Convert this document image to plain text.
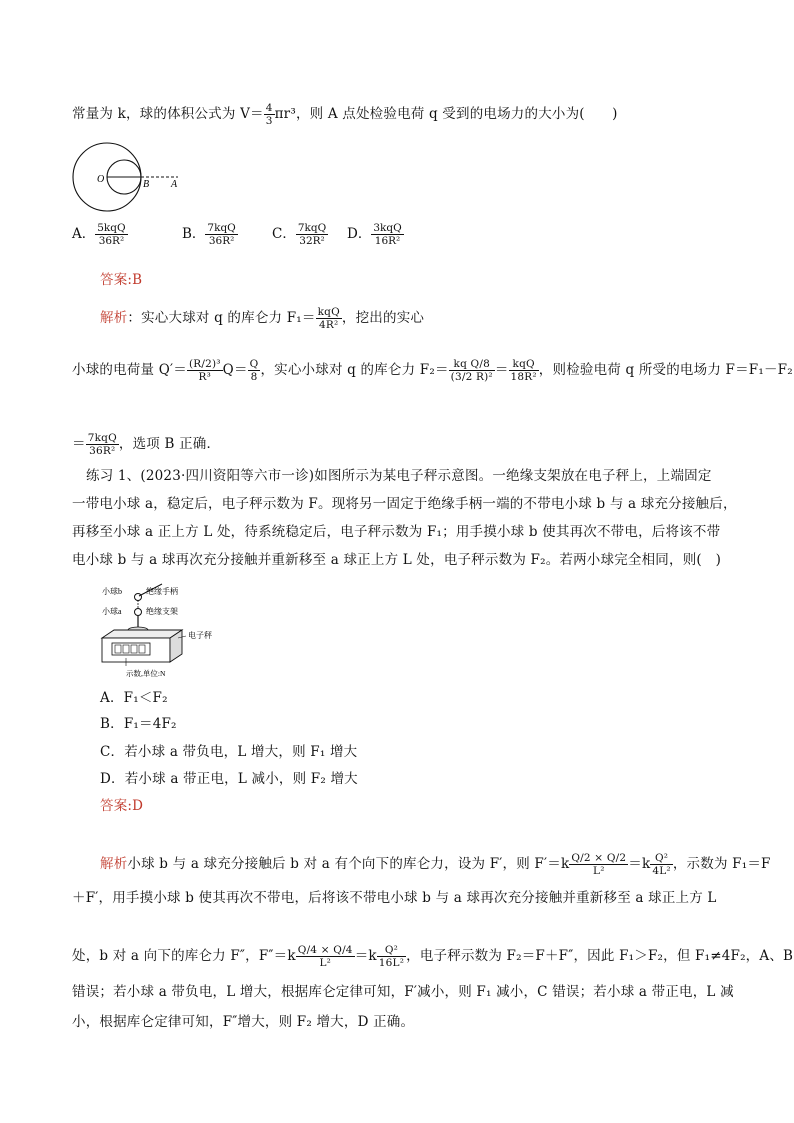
常量为 k，球的体积公式为 $V= \frac{4}{3} \pi r^3$，则 A 点处检验电荷 q 受到的电场力的大小为(　　)
O	B A
A． $\frac{\text{5kqQ}}{\text{36R²}}$	B． $\frac{\text{7kqQ}}{\text{36R²}}$	C． $\frac{\text{7kqQ}}{\text{32R²}}$ D． $\frac{\text{3kqQ}}{\text{16R²}}$
答案:B
解析：实心大球对 q 的库仑力 $F_1= \frac{\text{kqQ}}{\text{4R²}}$ ，挖出的实心
小球的电荷量 $Q'= \frac{\text{(R/2)³}}{\text{R³}} Q= \frac{Q}{8}$ ，实心小球对 q 的库仑力 $F_2= \frac{\text{kq Q/8}}{\text{(3/2 R)²}} = \frac{\text{kqQ}}{\text{18R²}}$ ，则检验电荷 q 所受的电场力 F＝F₁－F₂
＝ $\frac{\text{7kqQ}}{\text{36R²}}$ ，选项 B 正确．
练习 1、(2023·四川资阳等六市一诊)如图所示为某电子秤示意图。一绝缘支架放在电子秤上，上端固定
一带电小球 a，稳定后，电子秤示数为 F。现将另一固定于绝缘手柄一端的不带电小球 b 与 a 球充分接触后，
再移至小球 a 正上方 L 处，待系统稳定后，电子秤示数为 F₁；用手摸小球 b 使其再次不带电，后将该不带
电小球 b 与 a 球再次充分接触并重新移至 a 球正上方 L 处，电子秤示数为 F₂。若两小球完全相同，则(　)
小球b	绝缘手柄
小球a	绝缘支架
电子秤
示数,单位:N
A．F₁＜F₂
B．F₁＝4F₂
C．若小球 a 带负电，L 增大，则 F₁ 增大
D．若小球 a 带正电，L 减小，则 F₂ 增大
答案:D
解析小球 b 与 a 球充分接触后 b 对 a 有个向下的库仑力，设为 F′，则 $F'=k \frac{Q/2 \times Q/2}{\text{L²}} =k \frac{\text{Q²}}{\text{4L²}}$ ，示数为 F₁＝F
＋F′，用手摸小球 b 使其再次不带电，后将该不带电小球 b 与 a 球再次充分接触并重新移至 a 球正上方 L
处，b 对 a 向下的库仑力 F″，$F''=k \frac{Q/4 \times Q/4}{\text{L²}} =k \frac{\text{Q²}}{\text{16L²}}$ ，电子秤示数为 F₂＝F＋F″，因此 F₁＞F₂，但 F₁≠4F₂，A、B
错误；若小球 a 带负电，L 增大，根据库仑定律可知，F′减小，则 F₁ 减小，C 错误；若小球 a 带正电，L 减
小，根据库仑定律可知，F″增大，则 F₂ 增大，D 正确。
